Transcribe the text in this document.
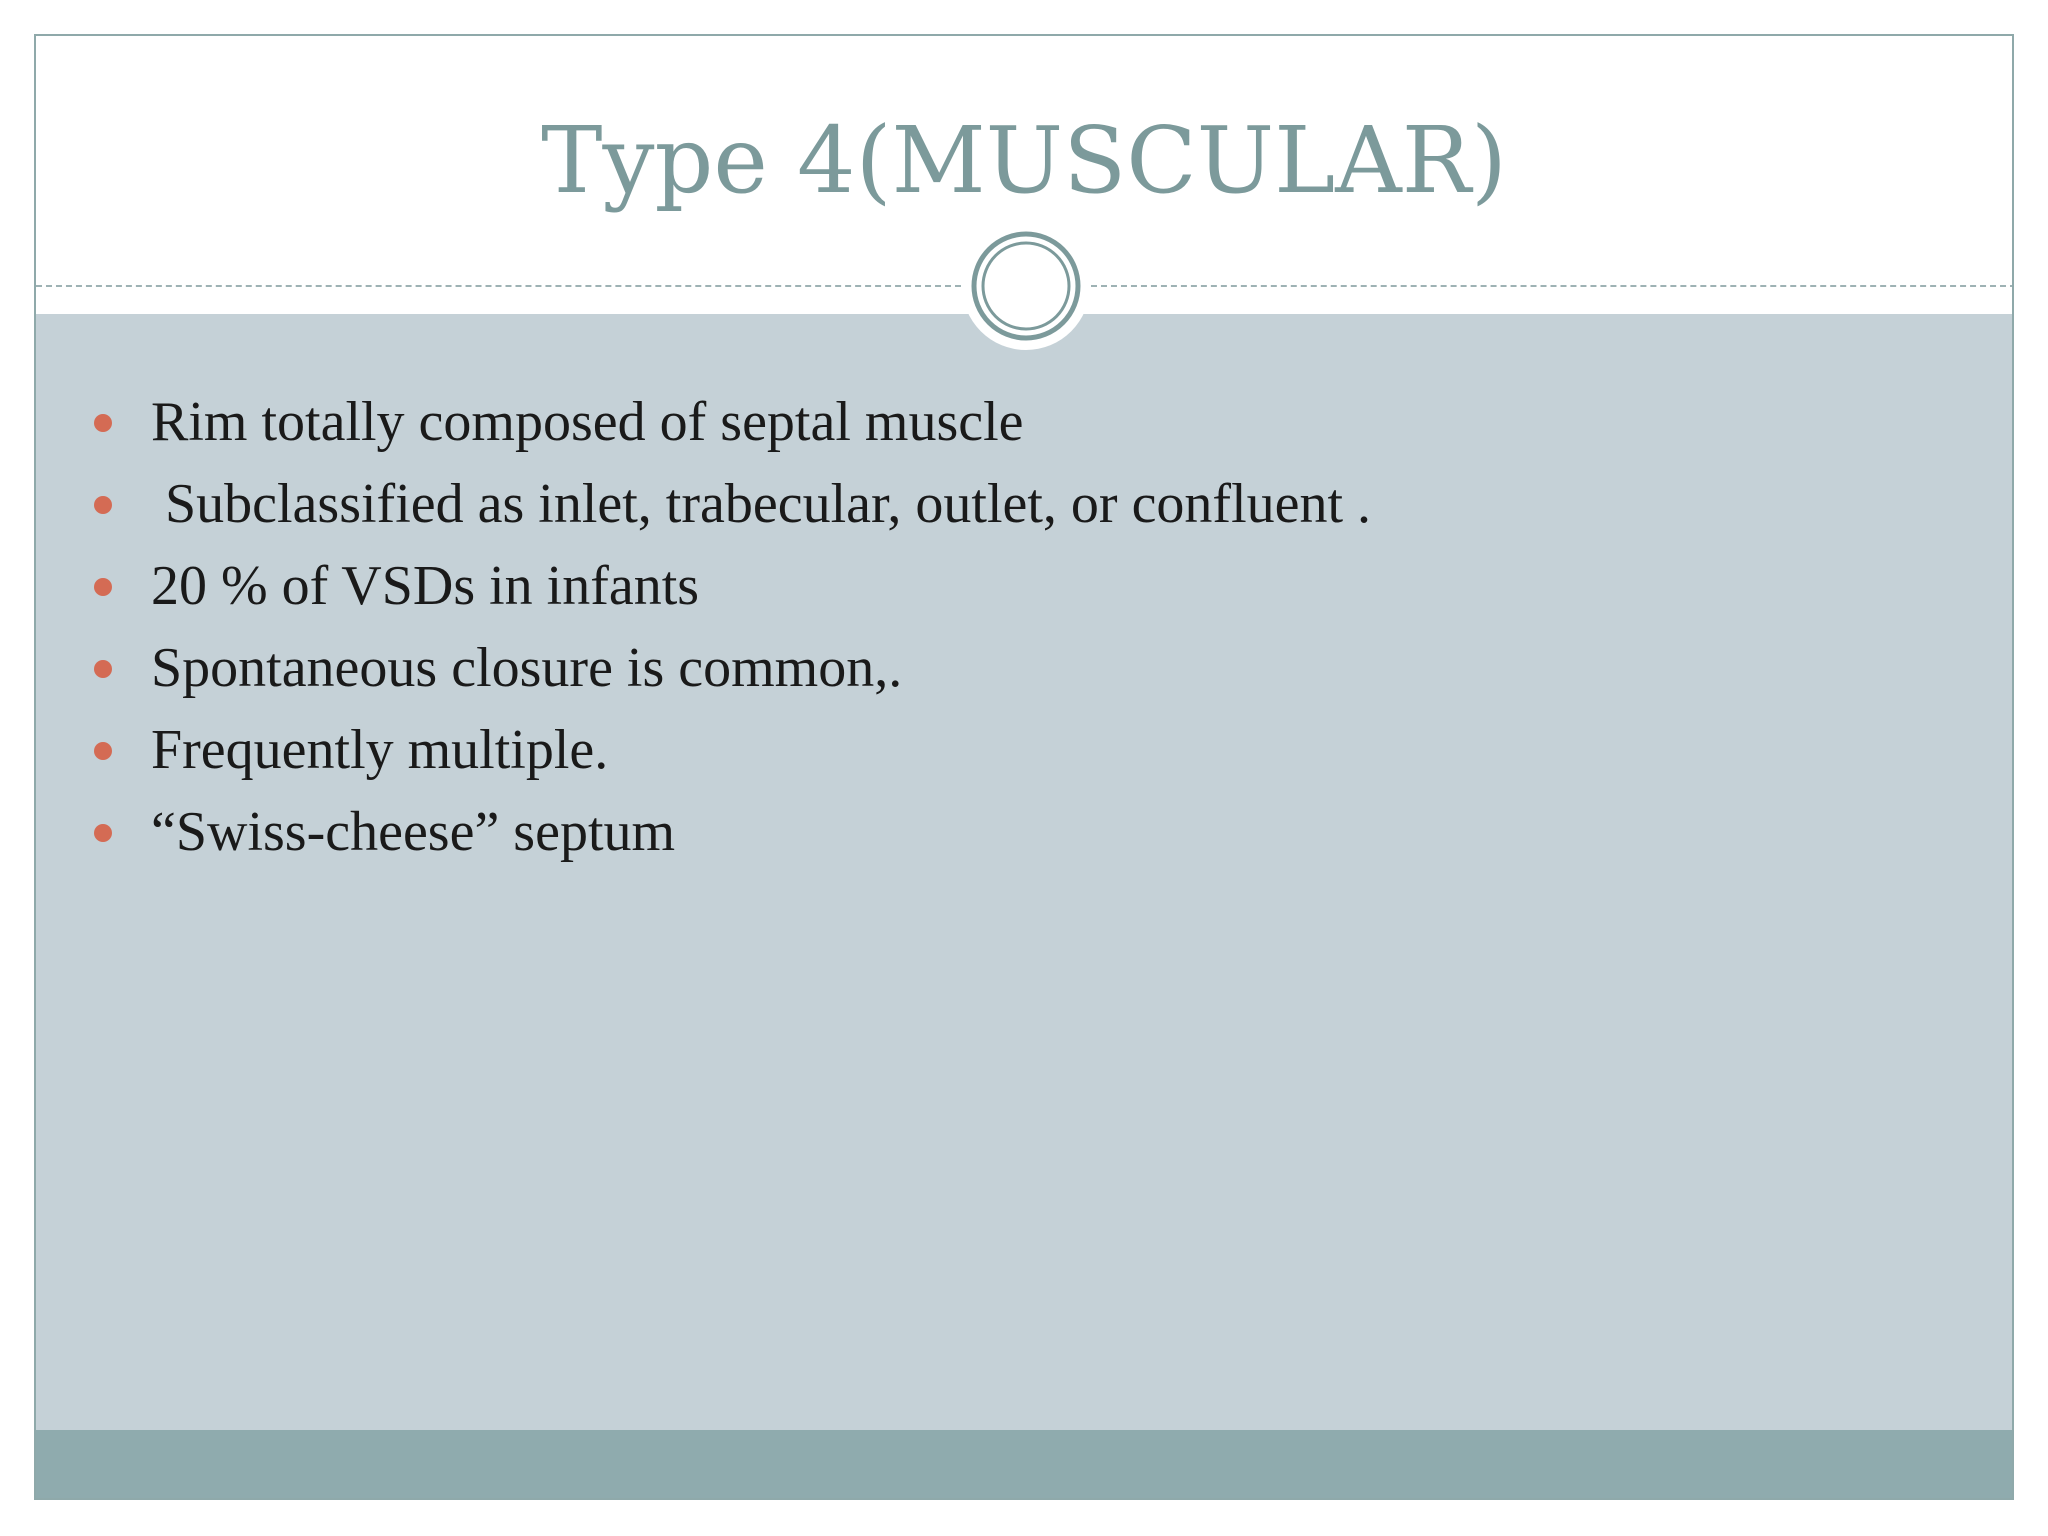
Type 4(MUSCULAR)

Rim totally composed of septal muscle

Subclassified as inlet, trabecular, outlet, or confluent .

20 % of VSDs in infants

Spontaneous closure is common,.

Frequently multiple.

“Swiss-cheese” septum
